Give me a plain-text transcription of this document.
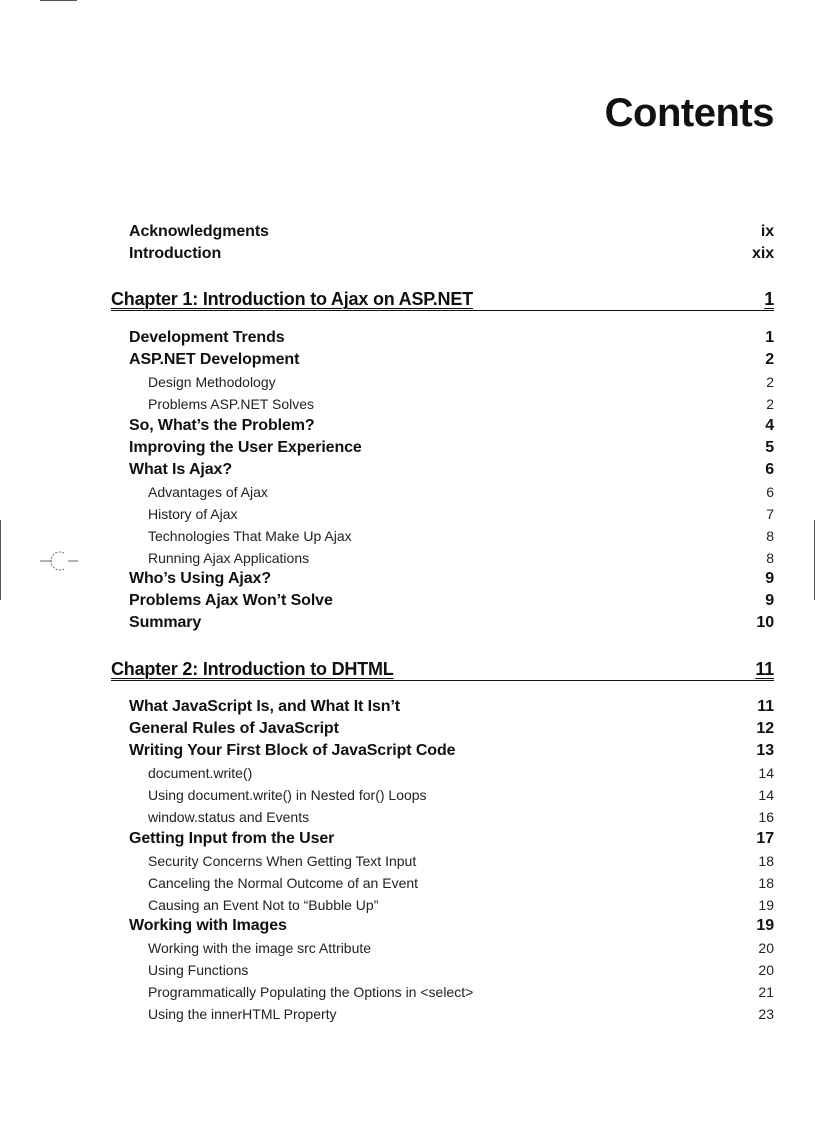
Contents
Acknowledgments	ix
Introduction	xix
Chapter 1: Introduction to Ajax on ASP.NET	1
Development Trends	1
ASP.NET Development	2
Design Methodology	2
Problems ASP.NET Solves	2
So, What’s the Problem?	4
Improving the User Experience	5
What Is Ajax?	6
Advantages of Ajax	6
History of Ajax	7
Technologies That Make Up Ajax	8
Running Ajax Applications	8
Who’s Using Ajax?	9
Problems Ajax Won’t Solve	9
Summary	10
Chapter 2: Introduction to DHTML	11
What JavaScript Is, and What It Isn’t	11
General Rules of JavaScript	12
Writing Your First Block of JavaScript Code	13
document.write()	14
Using document.write() in Nested for() Loops	14
window.status and Events	16
Getting Input from the User	17
Security Concerns When Getting Text Input	18
Canceling the Normal Outcome of an Event	18
Causing an Event Not to “Bubble Up”	19
Working with Images	19
Working with the image src Attribute	20
Using Functions	20
Programmatically Populating the Options in <select>	21
Using the innerHTML Property	23
